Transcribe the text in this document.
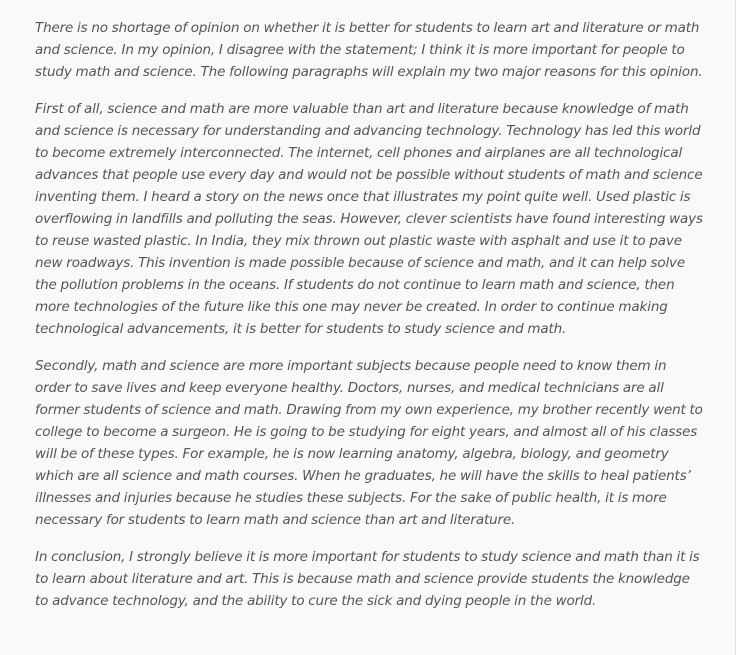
There is no shortage of opinion on whether it is better for students to learn art and literature or math and science. In my opinion, I disagree with the statement; I think it is more important for people to study math and science. The following paragraphs will explain my two major reasons for this opinion.

First of all, science and math are more valuable than art and literature because knowledge of math and science is necessary for understanding and advancing technology. Technology has led this world to become extremely interconnected. The internet, cell phones and airplanes are all technological advances that people use every day and would not be possible without students of math and science inventing them. I heard a story on the news once that illustrates my point quite well. Used plastic is overflowing in landfills and polluting the seas. However, clever scientists have found interesting ways to reuse wasted plastic. In India, they mix thrown out plastic waste with asphalt and use it to pave new roadways. This invention is made possible because of science and math, and it can help solve the pollution problems in the oceans. If students do not continue to learn math and science, then more technologies of the future like this one may never be created. In order to continue making technological advancements, it is better for students to study science and math.

Secondly, math and science are more important subjects because people need to know them in order to save lives and keep everyone healthy. Doctors, nurses, and medical technicians are all former students of science and math. Drawing from my own experience, my brother recently went to college to become a surgeon. He is going to be studying for eight years, and almost all of his classes will be of these types. For example, he is now learning anatomy, algebra, biology, and geometry which are all science and math courses. When he graduates, he will have the skills to heal patients’ illnesses and injuries because he studies these subjects. For the sake of public health, it is more necessary for students to learn math and science than art and literature.

In conclusion, I strongly believe it is more important for students to study science and math than it is to learn about literature and art. This is because math and science provide students the knowledge to advance technology, and the ability to cure the sick and dying people in the world.
